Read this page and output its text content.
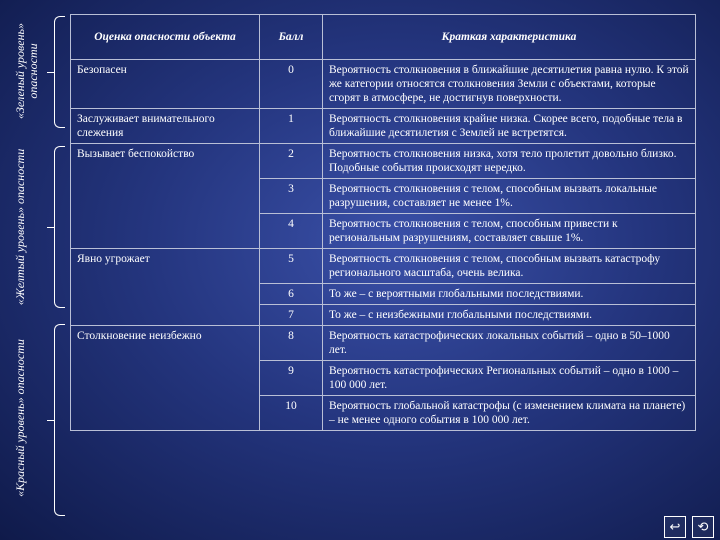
«Зеленый уровень» опасности
«Желтый уровень» опасности
«Красный уровень» опасности
Оценка опасности объекта	Балл	Краткая характеристика
Безопасен	0	Вероятность столкновения в ближайшие десятилетия равна нулю. К этой же категории относятся столкновения Земли с объектами, которые сгорят в атмосфере, не достигнув поверхности.
Заслуживает внимательного слежения	1	Вероятность столкновения крайне низка. Скорее всего, подобные тела в ближайшие десятилетия с Землей не встретятся.
Вызывает беспокойство	2	Вероятность столкновения низка, хотя тело пролетит довольно близко. Подобные события происходят нередко.
	3	Вероятность столкновения с телом, способным вызвать локальные разрушения, составляет не менее 1%.
	4	Вероятность столкновения с телом, способным привести к региональным разрушениям, составляет свыше 1%.
Явно угрожает	5	Вероятность столкновения с телом, способным вызвать катастрофу регионального масштаба, очень велика.
	6	То же – с вероятными глобальными последствиями.
	7	То же – с неизбежными глобальными последствиями.
Столкновение неизбежно	8	Вероятность катастрофических локальных событий – одно в 50–1000 лет.
	9	Вероятность катастрофических Региональных событий – одно в 1000 – 100 000 лет.
	10	Вероятность глобальной катастрофы (с изменением климата на планете) – не менее одного события в 100 000 лет.
↩	⟲
